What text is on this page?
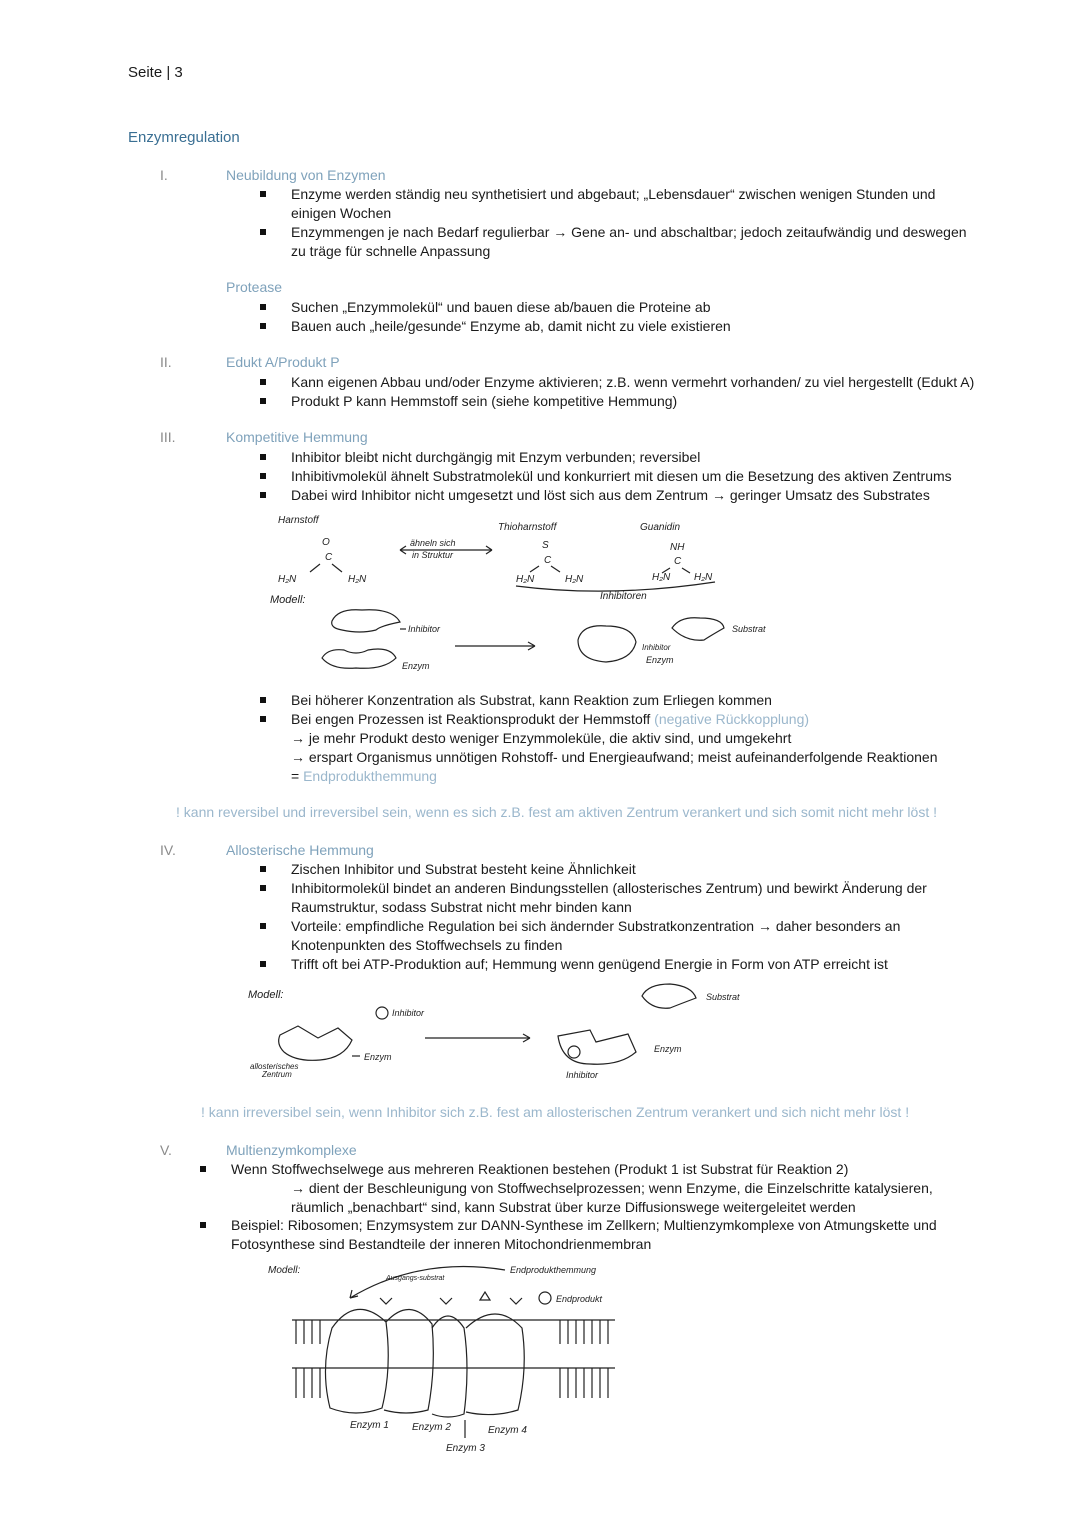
Seite | 3
Enzymregulation
I.	Neubildung von Enzymen
Enzyme werden ständig neu synthetisiert und abgebaut; „Lebensdauer“ zwischen wenigen Stunden und
einigen Wochen
Enzymmengen je nach Bedarf regulierbar → Gene an- und abschaltbar; jedoch zeitaufwändig und deswegen
zu träge für schnelle Anpassung
Protease
Suchen „Enzymmolekül“ und bauen diese ab/bauen die Proteine ab
Bauen auch „heile/gesunde“ Enzyme ab, damit nicht zu viele existieren
II.	Edukt A/Produkt P
Kann eigenen Abbau und/oder Enzyme aktivieren; z.B. wenn vermehrt vorhanden/ zu viel hergestellt (Edukt A)
Produkt P kann Hemmstoff sein (siehe kompetitive Hemmung)
III.	Kompetitive Hemmung
Inhibitor bleibt nicht durchgängig mit Enzym verbunden; reversibel
Inhibitivmolekül ähnelt Substratmolekül und konkurriert mit diesen um die Besetzung des aktiven Zentrums
Dabei wird Inhibitor nicht umgesetzt und löst sich aus dem Zentrum → geringer Umsatz des Substrates
Harnstoff
O
C
H₂N	H₂N
Modell:
ähneln sich
in Struktur
Thioharnstoff
S
C
H₂N	H₂N
Guanidin
NH
C
H₂N H₂N
Inhibitoren
Inhibitor
Enzym
Substrat
Inhibitor
Enzym
Bei höherer Konzentration als Substrat, kann Reaktion zum Erliegen kommen
Bei engen Prozessen ist Reaktionsprodukt der Hemmstoff (negative Rückkopplung)
→ je mehr Produkt desto weniger Enzymmoleküle, die aktiv sind, und umgekehrt
→ erspart Organismus unnötigen Rohstoff- und Energieaufwand; meist aufeinanderfolgende Reaktionen
= Endprodukthemmung
! kann reversibel und irreversibel sein, wenn es sich z.B. fest am aktiven Zentrum verankert und sich somit nicht mehr löst !
IV.	Allosterische Hemmung
Zischen Inhibitor und Substrat besteht keine Ähnlichkeit
Inhibitormolekül bindet an anderen Bindungsstellen (allosterisches Zentrum) und bewirkt Änderung der
Raumstruktur, sodass Substrat nicht mehr binden kann
Vorteile: empfindliche Regulation bei sich ändernder Substratkonzentration → daher besonders an
Knotenpunkten des Stoffwechsels zu finden
Trifft oft bei ATP-Produktion auf; Hemmung wenn genügend Energie in Form von ATP erreicht ist
Modell:
Inhibitor
Enzym
allosterisches
Zentrum
Substrat
Enzym
Inhibitor
! kann irreversibel sein, wenn Inhibitor sich z.B. fest am allosterischen Zentrum verankert und sich nicht mehr löst !
V.	Multienzymkomplexe
Wenn Stoffwechselwege aus mehreren Reaktionen bestehen (Produkt 1 ist Substrat für Reaktion 2)
→ dient der Beschleunigung von Stoffwechselprozessen; wenn Enzyme, die Einzelschritte katalysieren,
räumlich „benachbart“ sind, kann Substrat über kurze Diffusionswege weitergeleitet werden
Beispiel: Ribosomen; Enzymsystem zur DANN-Synthese im Zellkern; Multienzymkomplexe von Atmungskette und
Fotosynthese sind Bestandteile der inneren Mitochondrienmembran
Modell:	Endprodukthemmung
Ausgangs-substrat
Endprodukt
Enzym 1 Enzym 2
Enzym 3
Enzym 4
